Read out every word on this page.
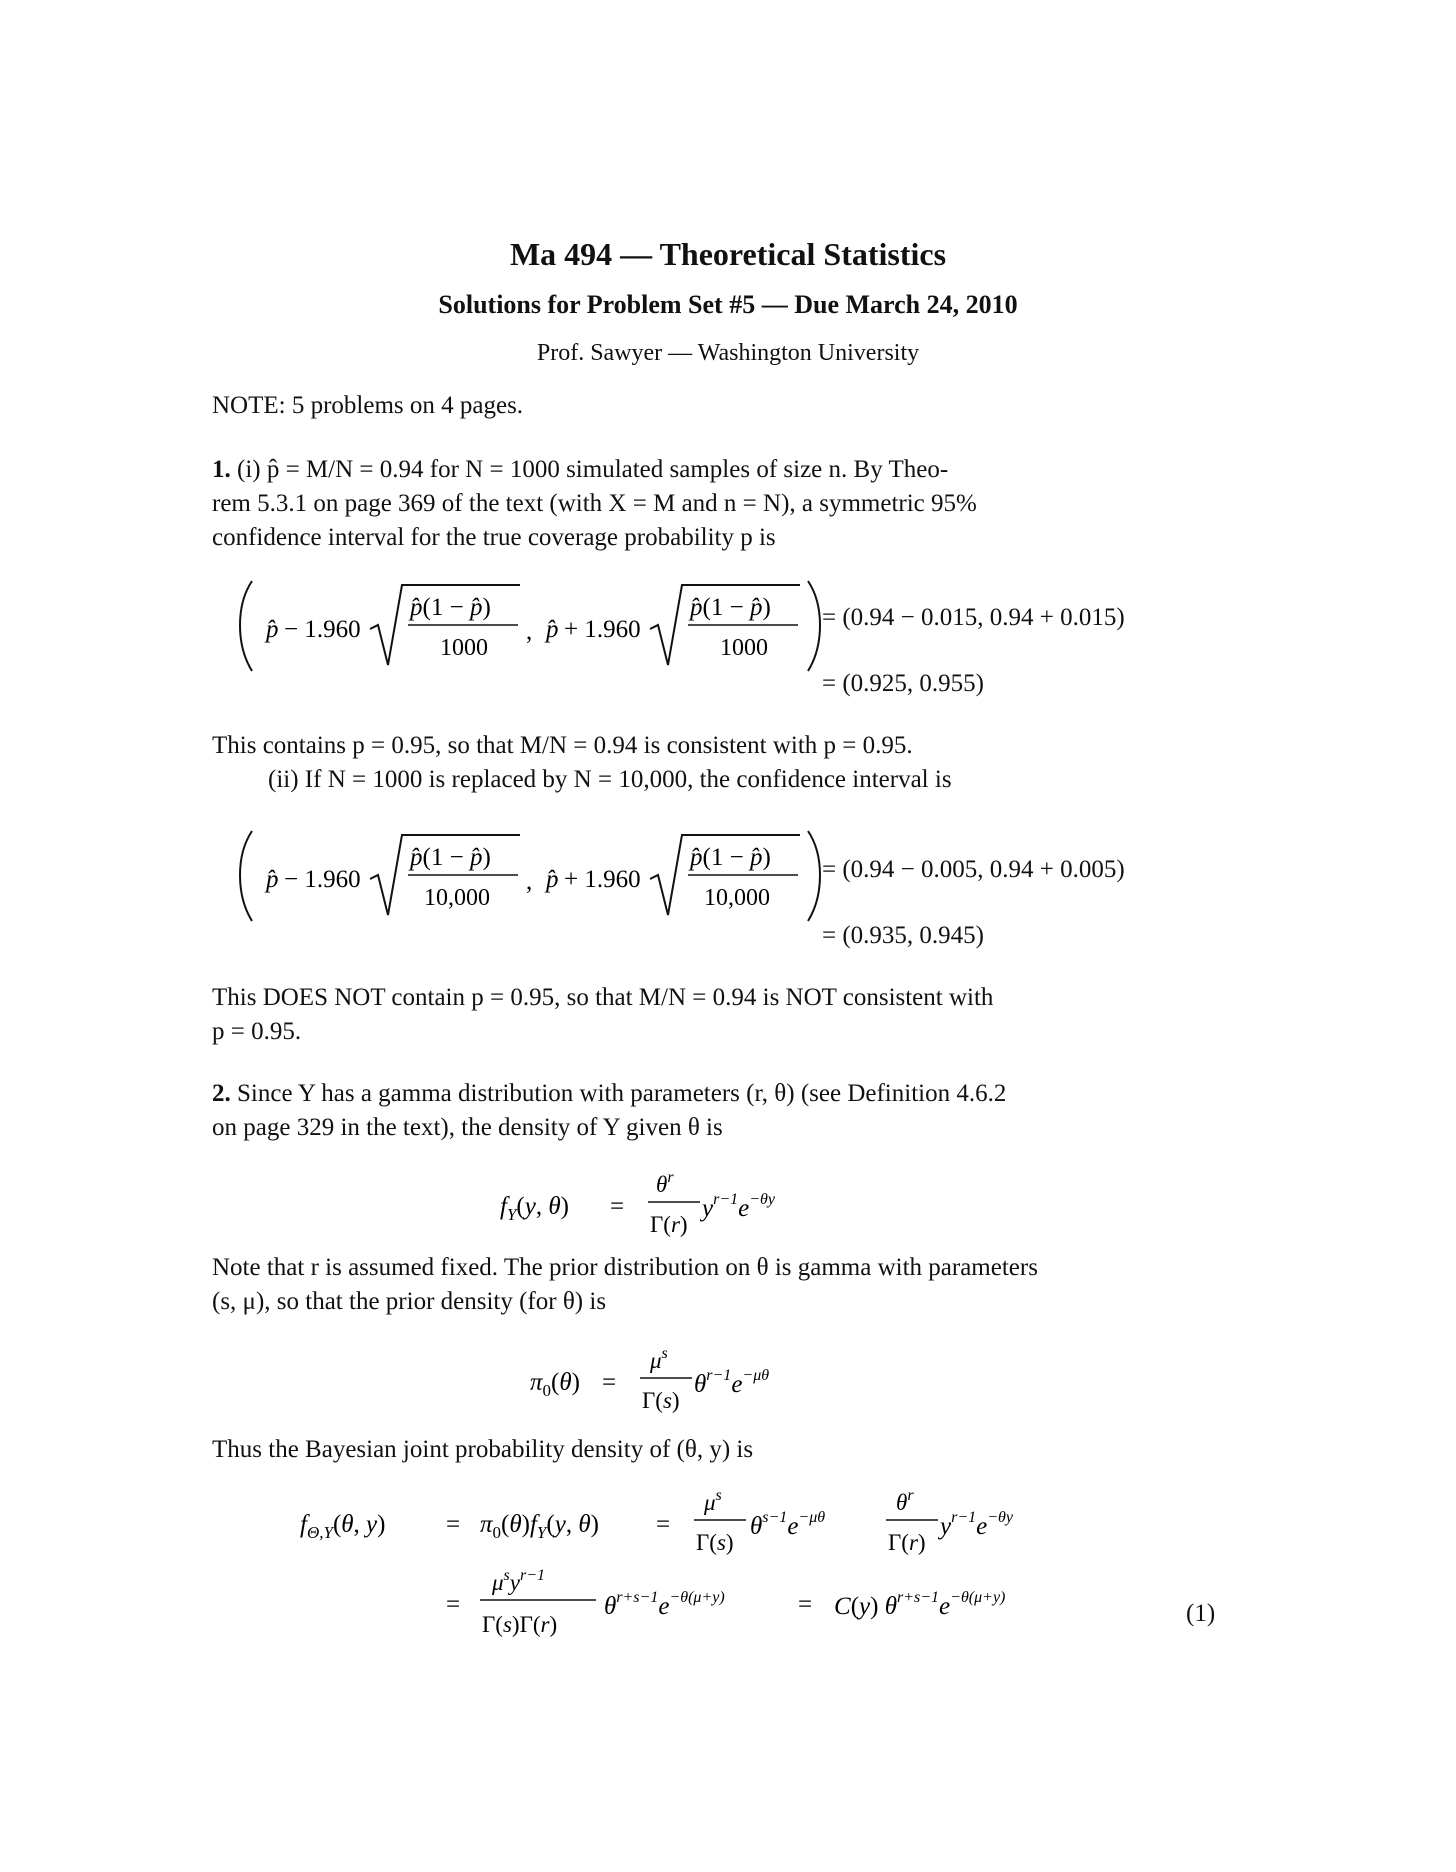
Ma 494 — Theoretical Statistics
Solutions for Problem Set #5 — Due March 24, 2010
Prof. Sawyer — Washington University
NOTE: 5 problems on 4 pages.
1. (i) p̂ = M/N = 0.94 for N = 1000 simulated samples of size n. By Theo-
rem 5.3.1 on page 369 of the text (with X = M and n = N), a symmetric 95%
confidence interval for the true coverage probability p is
p̂ − 1.960
p̂(1 − p̂)
1000
, p̂ + 1.960
p̂(1 − p̂)
1000
= (0.94 − 0.015, 0.94 + 0.015)
= (0.925, 0.955)
This contains p = 0.95, so that M/N = 0.94 is consistent with p = 0.95.
(ii) If N = 1000 is replaced by N = 10,000, the confidence interval is
p̂ − 1.960
p̂(1 − p̂)
10,000
, p̂ + 1.960
p̂(1 − p̂)
10,000
= (0.94 − 0.005, 0.94 + 0.005)
= (0.935, 0.945)
This DOES NOT contain p = 0.95, so that M/N = 0.94 is NOT consistent with
p = 0.95.
2. Since Y has a gamma distribution with parameters (r, θ) (see Definition 4.6.2
on page 329 in the text), the density of Y given θ is
$f_Y(y$, θ) =
$\theta^r$
Γ(r)
$y^{r-1}e^{-\theta y}$
Note that r is assumed fixed. The prior distribution on θ is gamma with parameters
(s, μ), so that the prior density (for θ) is
$\pi_0(\theta)$ =
$\mu^s$
Γ(s)
$\theta^{r-1}e^{-\mu\theta}$
Thus the Bayesian joint probability density of (θ, y) is
$f_{\Theta,Y}(\theta$, $y) = \pi_0(\theta)f_Y(y$, θ) =
$\mu^s$
Γ(s)
$\theta^{s-1}e^{-\mu\theta}$
$\theta^r$
Γ(r)
$y^{r-1}e^{-\theta y}$
=
$\mu^sy^{r-1}$
Γ(s)Γ(r)
$\theta^{r+s-1}e^{-\theta(\mu+y)}$	= C(y) $\theta^{r+s-1}e^{-\theta(\mu+y)}$
(1)
